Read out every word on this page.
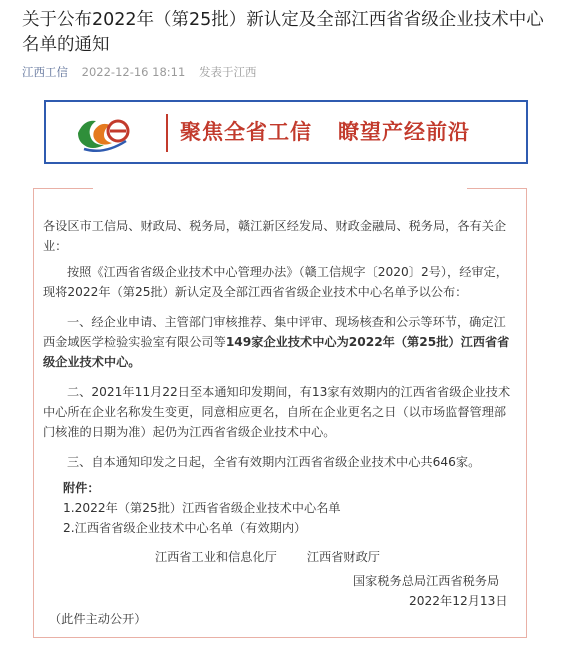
关于公布2022年（第25批）新认定及全部江西省省级企业技术中心名单的通知
江西工信 2022-12-16 18:11 发表于江西
聚焦全省工信 瞭望产经前沿

各设区市工信局、财政局、税务局，赣江新区经发局、财政金融局、税务局，各有关企业：

按照《江西省省级企业技术中心管理办法》（赣工信规字〔2020〕2号），经审定，现将2022年（第25批）新认定及全部江西省省级企业技术中心名单予以公布：

一、经企业申请、主管部门审核推荐、集中评审、现场核查和公示等环节，确定江西金域医学检验实验室有限公司等149家企业技术中心为2022年（第25批）江西省省级企业技术中心。

二、2021年11月22日至本通知印发期间，有13家有效期内的江西省省级企业技术中心所在企业名称发生变更，同意相应更名，自所在企业更名之日（以市场监督管理部门核准的日期为准）起仍为江西省省级企业技术中心。

三、自本通知印发之日起，全省有效期内江西省省级企业技术中心共646家。

附件：
1.2022年（第25批）江西省省级企业技术中心名单
2.江西省省级企业技术中心名单（有效期内）
江西省工业和信息化厅 江西省财政厅
国家税务总局江西省税务局
2022年12月13日
（此件主动公开）
